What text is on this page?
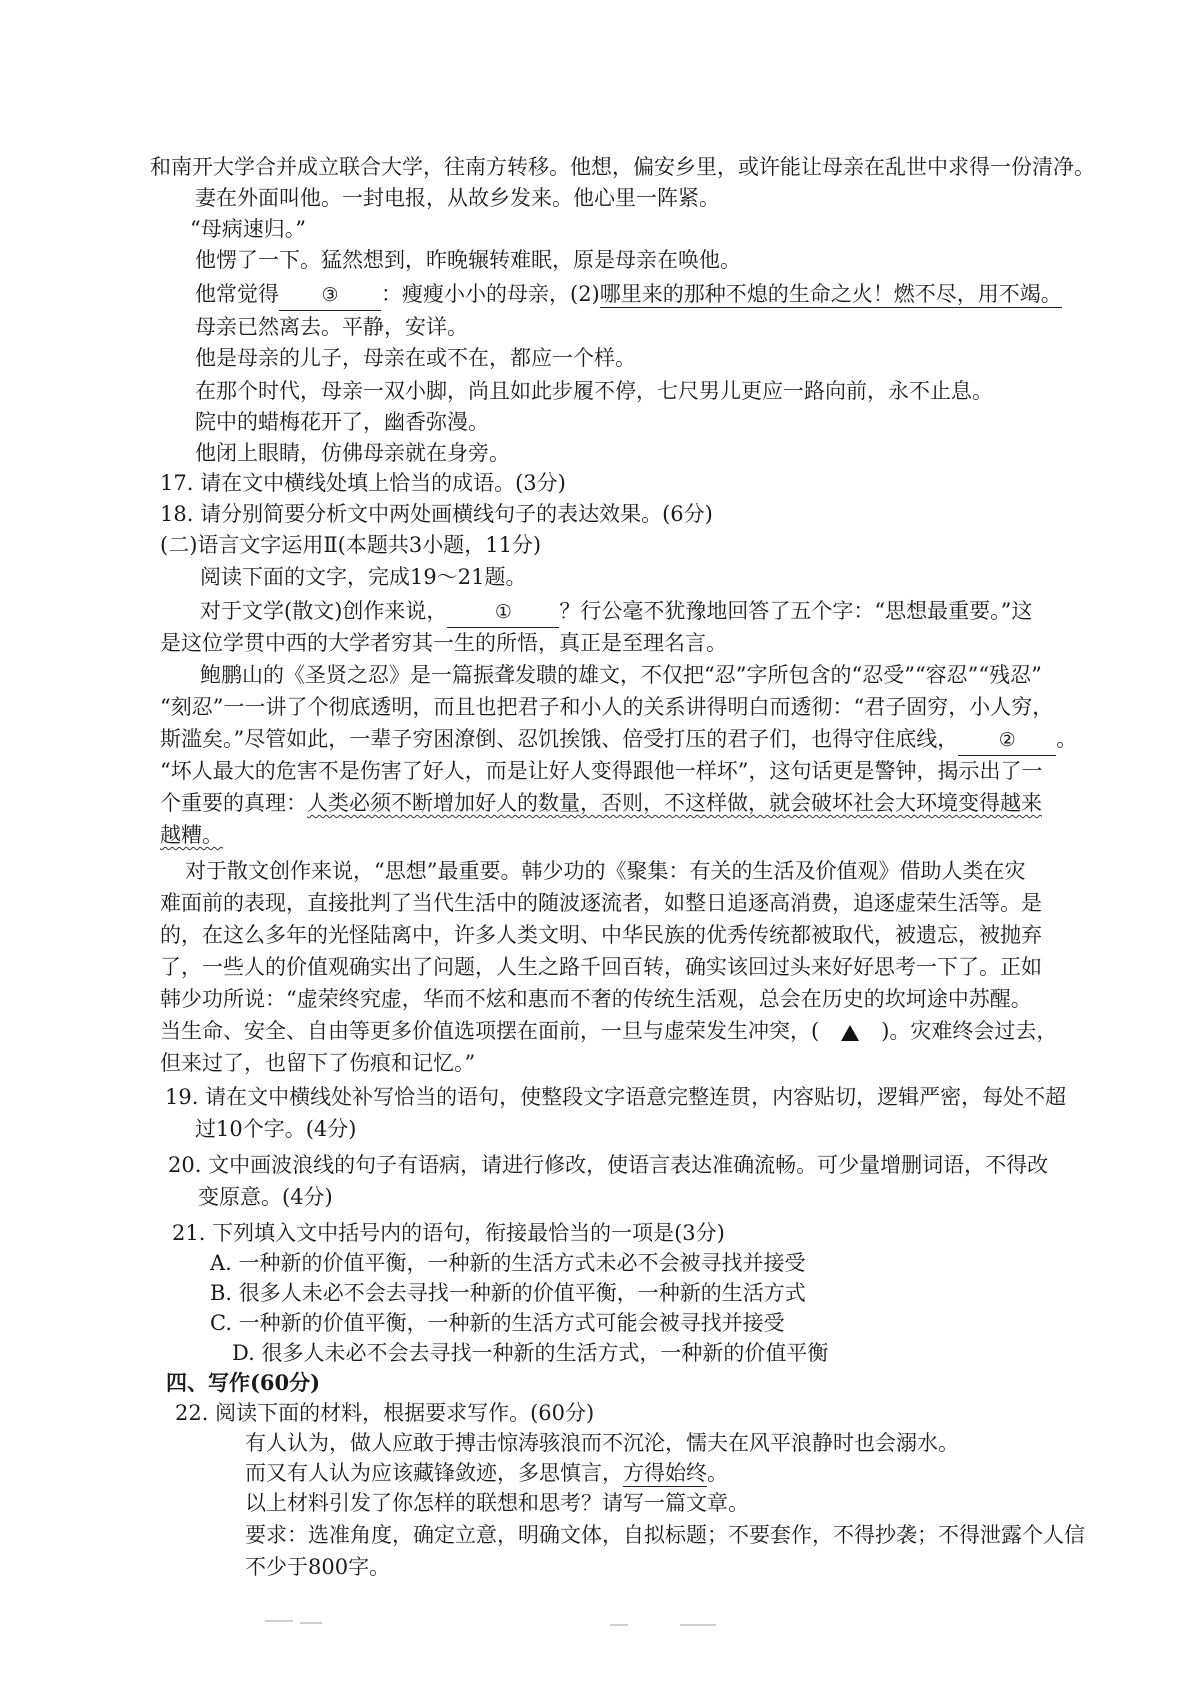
和南开大学合并成立联合大学，往南方转移。他想，偏安乡里，或许能让母亲在乱世中求得一份清净。
妻在外面叫他。一封电报，从故乡发来。他心里一阵紧。
“母病速归。”
他愣了一下。猛然想到，昨晚辗转难眠，原是母亲在唤他。
他常觉得 ③ ：瘦瘦小小的母亲，(2)哪里来的那种不熄的生命之火！燃不尽，用不竭。
母亲已然离去。平静，安详。
他是母亲的儿子，母亲在或不在，都应一个样。
在那个时代，母亲一双小脚，尚且如此步履不停，七尺男儿更应一路向前，永不止息。
院中的蜡梅花开了，幽香弥漫。
他闭上眼睛，仿佛母亲就在身旁。
17. 请在文中横线处填上恰当的成语。(3分)
18. 请分别简要分析文中两处画横线句子的表达效果。(6分)
(二)语言文字运用Ⅱ(本题共3小题，11分)
阅读下面的文字，完成19～21题。
对于文学(散文)创作来说， ① ？行公毫不犹豫地回答了五个字：“思想最重要。”这
是这位学贯中西的大学者穷其一生的所悟，真正是至理名言。
鲍鹏山的《圣贤之忍》是一篇振聋发聩的雄文，不仅把“忍”字所包含的“忍受”“容忍”“残忍”
“刻忍”一一讲了个彻底透明，而且也把君子和小人的关系讲得明白而透彻：“君子固穷，小人穷，
斯滥矣。”尽管如此，一辈子穷困潦倒、忍饥挨饿、倍受打压的君子们，也得守住底线， ② 。
“坏人最大的危害不是伤害了好人，而是让好人变得跟他一样坏”，这句话更是警钟，揭示出了一
个重要的真理：人类必须不断增加好人的数量，否则，不这样做，就会破坏社会大环境变得越来
越糟。
对于散文创作来说，“思想”最重要。韩少功的《聚集：有关的生活及价值观》借助人类在灾
难面前的表现，直接批判了当代生活中的随波逐流者，如整日追逐高消费，追逐虚荣生活等。是
的，在这么多年的光怪陆离中，许多人类文明、中华民族的优秀传统都被取代，被遗忘，被抛弃
了，一些人的价值观确实出了问题，人生之路千回百转，确实该回过头来好好思考一下了。正如
韩少功所说：“虚荣终究虚，华而不炫和惠而不奢的传统生活观，总会在历史的坎坷途中苏醒。
当生命、安全、自由等更多价值选项摆在面前，一旦与虚荣发生冲突，(	)。灾难终会过去，
但来过了，也留下了伤痕和记忆。”
19. 请在文中横线处补写恰当的语句，使整段文字语意完整连贯，内容贴切，逻辑严密，每处不超
过10个字。(4分)
20. 文中画波浪线的句子有语病，请进行修改，使语言表达准确流畅。可少量增删词语，不得改
变原意。(4分)
21. 下列填入文中括号内的语句，衔接最恰当的一项是(3分)
A. 一种新的价值平衡，一种新的生活方式未必不会被寻找并接受
B. 很多人未必不会去寻找一种新的价值平衡，一种新的生活方式
C. 一种新的价值平衡，一种新的生活方式可能会被寻找并接受
D. 很多人未必不会去寻找一种新的生活方式，一种新的价值平衡
四、写作(60分)
22. 阅读下面的材料，根据要求写作。(60分)
有人认为，做人应敢于搏击惊涛骇浪而不沉沦，懦夫在风平浪静时也会溺水。
而又有人认为应该藏锋敛迹，多思慎言，方得始终。
以上材料引发了你怎样的联想和思考？请写一篇文章。
要求：选准角度，确定立意，明确文体，自拟标题；不要套作，不得抄袭；不得泄露个人信
不少于800字。
